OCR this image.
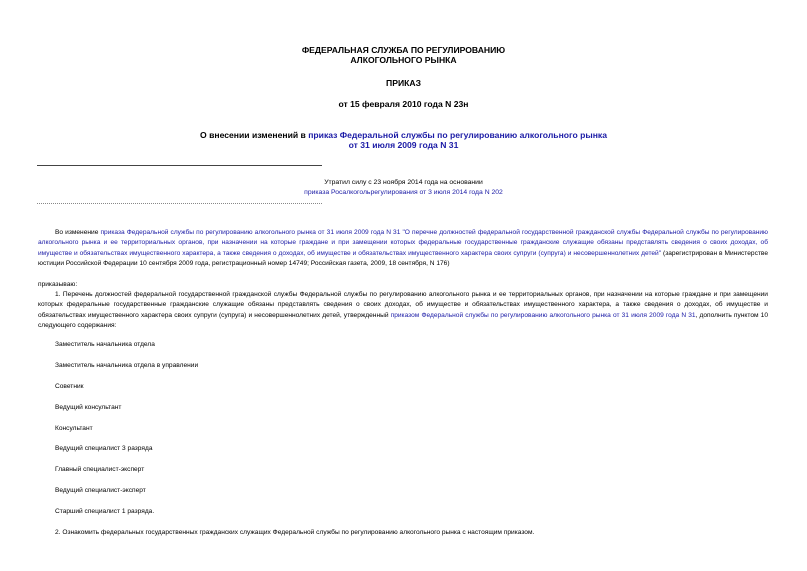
ФЕДЕРАЛЬНАЯ СЛУЖБА ПО РЕГУЛИРОВАНИЮ
АЛКОГОЛЬНОГО РЫНКА
ПРИКАЗ
от 15 февраля 2010 года N 23н
О внесении изменений в приказ Федеральной службы по регулированию алкогольного рынка
от 31 июля 2009 года N 31
Утратил силу с 23 ноября 2014 года на основании
приказа Росалкогольрегулирования от 3 июля 2014 года N 202
Во изменение приказа Федеральной службы по регулированию алкогольного рынка от 31 июля 2009 года N 31 "О перечне должностей федеральной государственной гражданской службы Федеральной службы по регулированию алкогольного рынка и ее территориальных органов, при назначении на которые граждане и при замещении которых федеральные государственные гражданские служащие обязаны представлять сведения о своих доходах, об имуществе и обязательствах имущественного характера, а также сведения о доходах, об имуществе и обязательствах имущественного характера своих супруги (супруга) и несовершеннолетних детей" (зарегистрирован в Министерстве юстиции Российской Федерации 10 сентября 2009 года, регистрационный номер 14749; Российская газета, 2009, 18 сентября, N 176)
приказываю:
1. Перечень должностей федеральной государственной гражданской службы Федеральной службы по регулированию алкогольного рынка и ее территориальных органов, при назначении на которые граждане и при замещении которых федеральные государственные гражданские служащие обязаны представлять сведения о своих доходах, об имуществе и обязательствах имущественного характера, а также сведения о доходах, об имуществе и обязательствах имущественного характера своих супруги (супруга) и несовершеннолетних детей, утвержденный приказом Федеральной службы по регулированию алкогольного рынка от 31 июля 2009 года N 31, дополнить пунктом 10 следующего содержания:
Заместитель начальника отдела
Заместитель начальника отдела в управлении
Советник
Ведущий консультант
Консультант
Ведущий специалист 3 разряда
Главный специалист-эксперт
Ведущий специалист-эксперт
Старший специалист 1 разряда.
2. Ознакомить федеральных государственных гражданских служащих Федеральной службы по регулированию алкогольного рынка с настоящим приказом.
